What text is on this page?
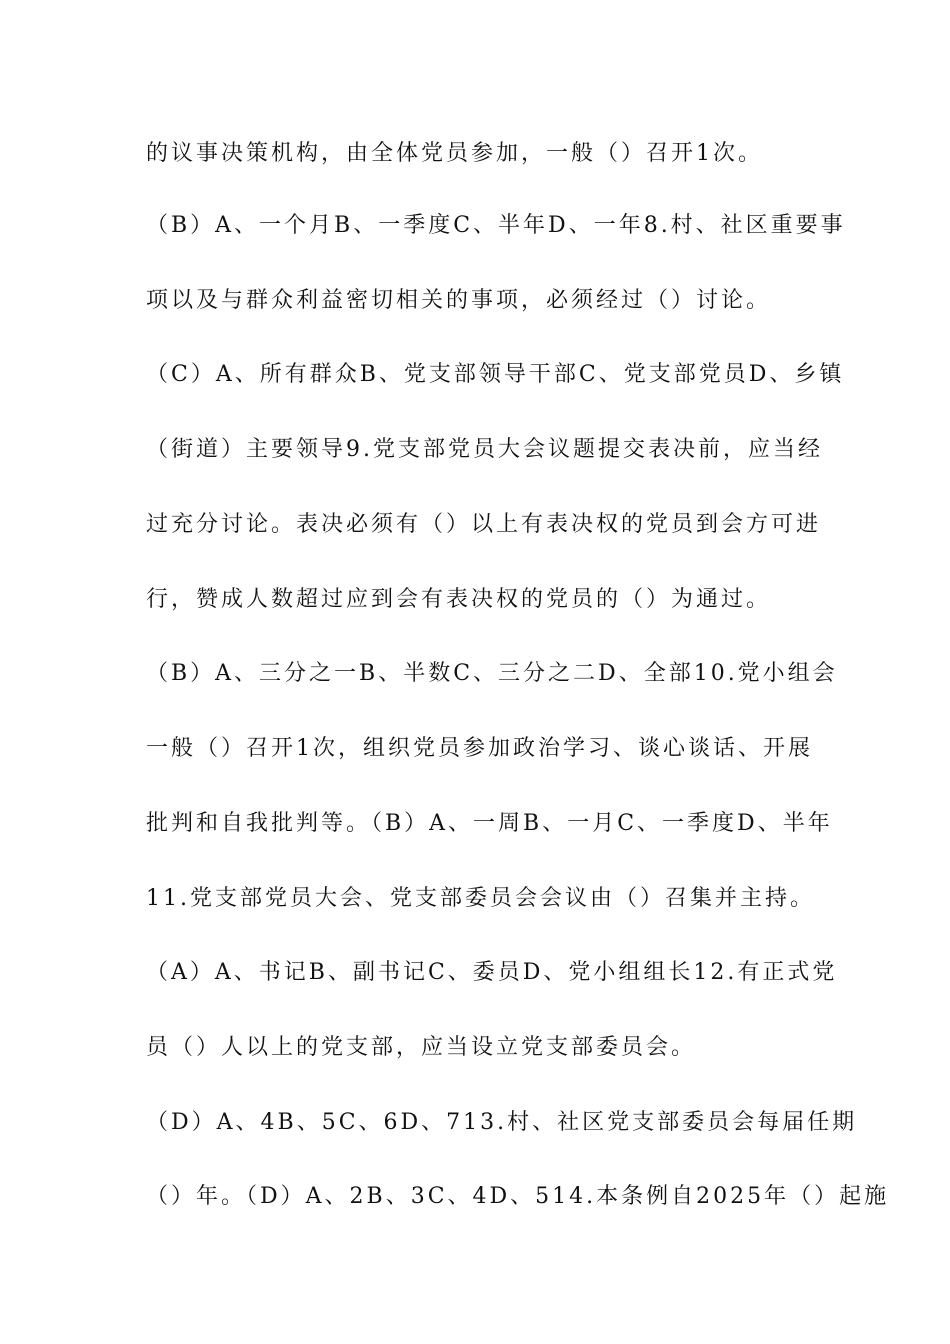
的议事决策机构，由全体党员参加，一般（）召开1次。
（B）A、一个月B、一季度C、半年D、一年8.村、社区重要事
项以及与群众利益密切相关的事项，必须经过（）讨论。
（C）A、所有群众B、党支部领导干部C、党支部党员D、乡镇
（街道）主要领导9.党支部党员大会议题提交表决前，应当经
过充分讨论。表决必须有（）以上有表决权的党员到会方可进
行，赞成人数超过应到会有表决权的党员的（）为通过。
（B）A、三分之一B、半数C、三分之二D、全部10.党小组会
一般（）召开1次，组织党员参加政治学习、谈心谈话、开展
批判和自我批判等。（B）A、一周B、一月C、一季度D、半年
11.党支部党员大会、党支部委员会会议由（）召集并主持。
（A）A、书记B、副书记C、委员D、党小组组长12.有正式党
员（）人以上的党支部，应当设立党支部委员会。
（D）A、4B、5C、6D、713.村、社区党支部委员会每届任期
（）年。（D）A、2B、3C、4D、514.本条例自2025年（）起施
